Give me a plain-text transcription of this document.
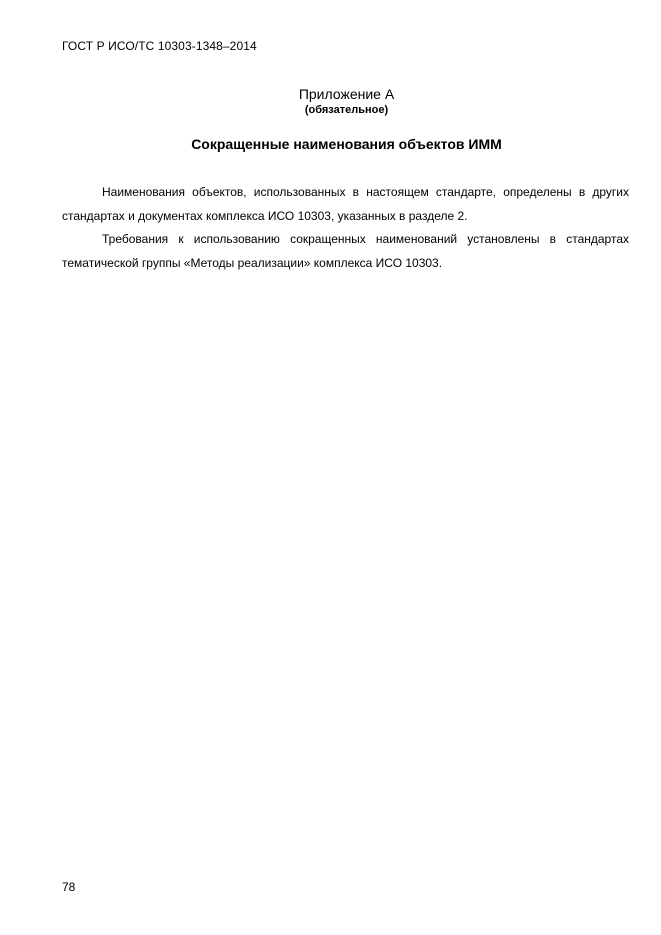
ГОСТ Р ИСО/ТС 10303-1348–2014
Приложение А
(обязательное)
Сокращенные наименования объектов ИММ

Наименования объектов, использованных в настоящем стандарте, определены в других стандартах и документах комплекса ИСО 10303, указанных в разделе 2.

Требования к использованию сокращенных наименований установлены в стандартах тематической группы «Методы реализации» комплекса ИСО 10303.

78
